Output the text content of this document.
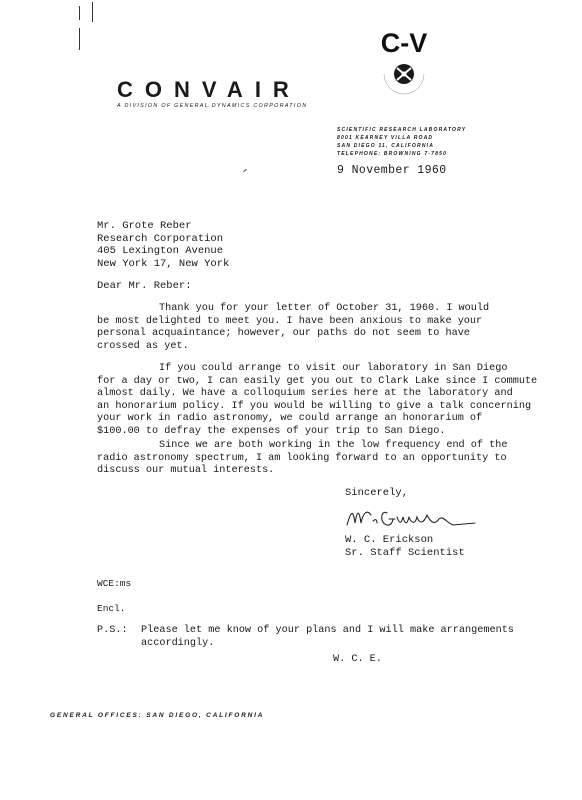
CONVAIR
A DIVISION OF GENERAL DYNAMICS CORPORATION
C-V
SCIENTIFIC RESEARCH LABORATORY
8001 KEARNEY VILLA ROAD
SAN DIEGO 11, CALIFORNIA
TELEPHONE: BROWNING 7-7850
9 November 1960
Mr. Grote Reber
Research Corporation
405 Lexington Avenue
New York 17, New York
Dear Mr. Reber:
Thank you for your letter of October 31, 1960. I would
be most delighted to meet you. I have been anxious to make your
personal acquaintance; however, our paths do not seem to have
crossed as yet.
If you could arrange to visit our laboratory in San Diego
for a day or two, I can easily get you out to Clark Lake since I commute
almost daily. We have a colloquium series here at the laboratory and
an honorarium policy. If you would be willing to give a talk concerning
your work in radio astronomy, we could arrange an honorarium of
$100.00 to defray the expenses of your trip to San Diego.
Since we are both working in the low frequency end of the
radio astronomy spectrum, I am looking forward to an opportunity to
discuss our mutual interests.
Sincerely,
W. C. Erickson
Sr. Staff Scientist
WCE:ms
Encl.
P.S.: Please let me know of your plans and I will make arrangements
accordingly.
W. C. E.
GENERAL OFFICES: SAN DIEGO, CALIFORNIA
